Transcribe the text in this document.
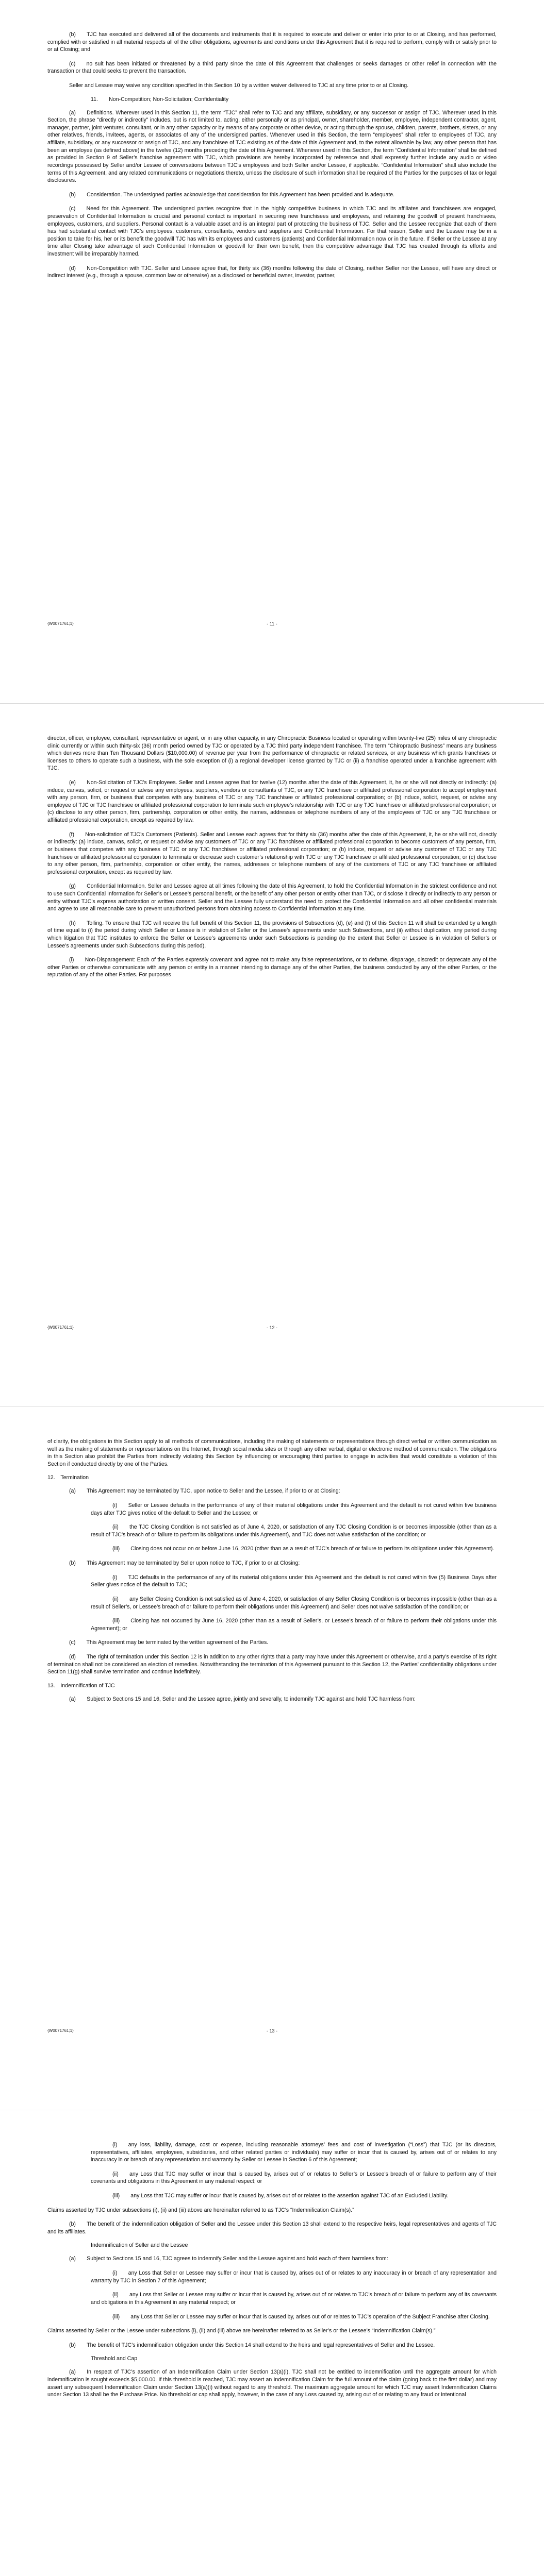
(b)  TJC has executed and delivered all of the documents and instruments that it is required to execute and deliver or enter into prior to or at Closing, and has performed, complied with or satisfied in all material respects all of the other obligations, agreements and conditions under this Agreement that it is required to perform, comply with or satisfy prior to or at Closing; and

(c)  no suit has been initiated or threatened by a third party since the date of this Agreement that challenges or seeks damages or other relief in connection with the transaction or that could seeks to prevent the transaction.

Seller and Lessee may waive any condition specified in this Section 10 by a written waiver delivered to TJC at any time prior to or at Closing.

11.  Non-Competition; Non-Solicitation; Confidentiality

(a)  Definitions. Wherever used in this Section 11, the term “TJC” shall refer to TJC and any affiliate, subsidiary, or any successor or assign of TJC. Wherever used in this Section, the phrase “directly or indirectly” includes, but is not limited to, acting, either personally or as principal, owner, shareholder, member, employee, independent contractor, agent, manager, partner, joint venturer, consultant, or in any other capacity or by means of any corporate or other device, or acting through the spouse, children, parents, brothers, sisters, or any other relatives, friends, invitees, agents, or associates of any of the undersigned parties. Whenever used in this Section, the term “employees” shall refer to employees of TJC, any affiliate, subsidiary, or any successor or assign of TJC, and any franchisee of TJC existing as of the date of this Agreement and, to the extent allowable by law, any other person that has been an employee (as defined above) in the twelve (12) months preceding the date of this Agreement. Whenever used in this Section, the term “Confidential Information” shall be defined as provided in Section 9 of Seller’s franchise agreement with TJC, which provisions are hereby incorporated by reference and shall expressly further include any audio or video recordings possessed by Seller and/or Lessee of conversations between TJC’s employees and both Seller and/or Lessee, if applicable. “Confidential Information” shall also include the terms of this Agreement, and any related communications or negotiations thereto, unless the disclosure of such information shall be required of the Parties for the purposes of tax or legal disclosures.

(b)  Consideration. The undersigned parties acknowledge that consideration for this Agreement has been provided and is adequate.

(c)  Need for this Agreement. The undersigned parties recognize that in the highly competitive business in which TJC and its affiliates and franchisees are engaged, preservation of Confidential Information is crucial and personal contact is important in securing new franchisees and employees, and retaining the goodwill of present franchisees, employees, customers, and suppliers. Personal contact is a valuable asset and is an integral part of protecting the business of TJC. Seller and the Lessee recognize that each of them has had substantial contact with TJC’s employees, customers, consultants, vendors and suppliers and Confidential Information. For that reason, Seller and the Lessee may be in a position to take for his, her or its benefit the goodwill TJC has with its employees and customers (patients) and Confidential Information now or in the future. If Seller or the Lessee at any time after Closing take advantage of such Confidential Information or goodwill for their own benefit, then the competitive advantage that TJC has created through its efforts and investment will be irreparably harmed.

(d)  Non-Competition with TJC. Seller and Lessee agree that, for thirty six (36) months following the date of Closing, neither Seller nor the Lessee, will have any direct or indirect interest (e.g., through a spouse, common law or otherwise) as a disclosed or beneficial owner, investor, partner,

{W0071761;1}	- 11 -

director, officer, employee, consultant, representative or agent, or in any other capacity, in any Chiropractic Business located or operating within twenty-five (25) miles of any chiropractic clinic currently or within such thirty-six (36) month period owned by TJC or operated by a TJC third party independent franchisee. The term “Chiropractic Business” means any business which derives more than Ten Thousand Dollars ($10,000.00) of revenue per year from the performance of chiropractic or related services, or any business which grants franchises or licenses to others to operate such a business, with the sole exception of (i) a regional developer license granted by TJC or (ii) a franchise operated under a franchise agreement with TJC.

(e)  Non-Solicitation of TJC’s Employees. Seller and Lessee agree that for twelve (12) months after the date of this Agreement, it, he or she will not directly or indirectly: (a) induce, canvas, solicit, or request or advise any employees, suppliers, vendors or consultants of TJC, or any TJC franchisee or affiliated professional corporation to accept employment with any person, firm, or business that competes with any business of TJC or any TJC franchisee or affiliated professional corporation; or (b) induce, solicit, request, or advise any employee of TJC or TJC franchisee or affiliated professional corporation to terminate such employee’s relationship with TJC or any TJC franchisee or affiliated professional corporation; or (c) disclose to any other person, firm, partnership, corporation or other entity, the names, addresses or telephone numbers of any of the employees of TJC or any TJC franchisee or affiliated professional corporation, except as required by law.

(f)  Non-solicitation of TJC’s Customers (Patients). Seller and Lessee each agrees that for thirty six (36) months after the date of this Agreement, it, he or she will not, directly or indirectly: (a) induce, canvas, solicit, or request or advise any customers of TJC or any TJC franchisee or affiliated professional corporation to become customers of any person, firm, or business that competes with any business of TJC or any TJC franchisee or affiliated professional corporation; or (b) induce, request or advise any customer of TJC or any TJC franchisee or affiliated professional corporation to terminate or decrease such customer’s relationship with TJC or any TJC franchisee or affiliated professional corporation; or (c) disclose to any other person, firm, partnership, corporation or other entity, the names, addresses or telephone numbers of any of the customers of TJC or any TJC franchisee or affiliated professional corporation, except as required by law.

(g)  Confidential Information. Seller and Lessee agree at all times following the date of this Agreement, to hold the Confidential Information in the strictest confidence and not to use such Confidential Information for Seller’s or Lessee’s personal benefit, or the benefit of any other person or entity other than TJC, or disclose it directly or indirectly to any person or entity without TJC’s express authorization or written consent. Seller and the Lessee fully understand the need to protect the Confidential Information and all other confidential materials and agree to use all reasonable care to prevent unauthorized persons from obtaining access to Confidential Information at any time.

(h)  Tolling. To ensure that TJC will receive the full benefit of this Section 11, the provisions of Subsections (d), (e) and (f) of this Section 11 will shall be extended by a length of time equal to (i) the period during which Seller or Lessee is in violation of Seller or the Lessee’s agreements under such Subsections, and (ii) without duplication, any period during which litigation that TJC institutes to enforce the Seller or Lessee’s agreements under such Subsections is pending (to the extent that Seller or Lessee is in violation of Seller’s or Lessee’s agreements under such Subsections during this period).

(i)  Non-Disparagement: Each of the Parties expressly covenant and agree not to make any false representations, or to defame, disparage, discredit or deprecate any of the other Parties or otherwise communicate with any person or entity in a manner intending to damage any of the other Parties, the business conducted by any of the other Parties, or the reputation of any of the other Parties. For purposes

{W0071761;1}	- 12 -

of clarity, the obligations in this Section apply to all methods of communications, including the making of statements or representations through direct verbal or written communication as well as the making of statements or representations on the Internet, through social media sites or through any other verbal, digital or electronic method of communication. The obligations in this Section also prohibit the Parties from indirectly violating this Section by influencing or encouraging third parties to engage in activities that would constitute a violation of this Section if conducted directly by one of the Parties.

12. Termination

(a)  This Agreement may be terminated by TJC, upon notice to Seller and the Lessee, if prior to or at Closing:

(i)  Seller or Lessee defaults in the performance of any of their material obligations under this Agreement and the default is not cured within five business days after TJC gives notice of the default to Seller and the Lessee; or

(ii)  the TJC Closing Condition is not satisfied as of June 4, 2020, or satisfaction of any TJC Closing Condition is or becomes impossible (other than as a result of TJC’s breach of or failure to perform its obligations under this Agreement), and TJC does not waive satisfaction of the condition; or

(iii)  Closing does not occur on or before June 16, 2020 (other than as a result of TJC’s breach of or failure to perform its obligations under this Agreement).

(b)  This Agreement may be terminated by Seller upon notice to TJC, if prior to or at Closing:

(i)  TJC defaults in the performance of any of its material obligations under this Agreement and the default is not cured within five (5) Business Days after Seller gives notice of the default to TJC;

(ii)  any Seller Closing Condition is not satisfied as of June 4, 2020, or satisfaction of any Seller Closing Condition is or becomes impossible (other than as a result of Seller’s, or Lessee’s breach of or failure to perform their obligations under this Agreement) and Seller does not waive satisfaction of the condition; or

(iii)  Closing has not occurred by June 16, 2020 (other than as a result of Seller’s, or Lessee’s breach of or failure to perform their obligations under this Agreement); or

(c)  This Agreement may be terminated by the written agreement of the Parties.

(d)  The right of termination under this Section 12 is in addition to any other rights that a party may have under this Agreement or otherwise, and a party’s exercise of its right of termination shall not be considered an election of remedies. Notwithstanding the termination of this Agreement pursuant to this Section 12, the Parties’ confidentiality obligations under Section 11(g) shall survive termination and continue indefinitely.

13. Indemnification of TJC

(a)  Subject to Sections 15 and 16, Seller and the Lessee agree, jointly and severally, to indemnify TJC against and hold TJC harmless from:

{W0071761;1}	- 13 -

(i)  any loss, liability, damage, cost or expense, including reasonable attorneys’ fees and cost of investigation (“Loss”) that TJC (or its directors, representatives, affiliates, employees, subsidiaries, and other related parties or individuals) may suffer or incur that is caused by, arises out of or relates to any inaccuracy in or breach of any representation and warranty by Seller or Lessee in Section 6 of this Agreement;

(ii)  any Loss that TJC may suffer or incur that is caused by, arises out of or relates to Seller’s or Lessee’s breach of or failure to perform any of their covenants and obligations in this Agreement in any material respect; or

(iii)  any Loss that TJC may suffer or incur that is caused by, arises out of or relates to the assertion against TJC of an Excluded Liability.

Claims asserted by TJC under subsections (i), (ii) and (iii) above are hereinafter referred to as TJC’s “Indemnification Claim(s).”

(b)  The benefit of the indemnification obligation of Seller and the Lessee under this Section 13 shall extend to the respective heirs, legal representatives and agents of TJC and its affiliates.

Indemnification of Seller and the Lessee

(a)  Subject to Sections 15 and 16, TJC agrees to indemnify Seller and the Lessee against and hold each of them harmless from:

(i)  any Loss that Seller or Lessee may suffer or incur that is caused by, arises out of or relates to any inaccuracy in or breach of any representation and warranty by TJC in Section 7 of this Agreement;

(ii)  any Loss that Seller or Lessee may suffer or incur that is caused by, arises out of or relates to TJC’s breach of or failure to perform any of its covenants and obligations in this Agreement in any material respect; or

(iii)  any Loss that Seller or Lessee may suffer or incur that is caused by, arises out of or relates to TJC’s operation of the Subject Franchise after Closing.

Claims asserted by Seller or the Lessee under subsections (i), (ii) and (iii) above are hereinafter referred to as Seller’s or the Lessee’s “Indemnification Claim(s).”

(b)  The benefit of TJC’s indemnification obligation under this Section 14 shall extend to the heirs and legal representatives of Seller and the Lessee.

Threshold and Cap

(a)  In respect of TJC’s assertion of an Indemnification Claim under Section 13(a)(i), TJC shall not be entitled to indemnification until the aggregate amount for which indemnification is sought exceeds $5,000.00. If this threshold is reached, TJC may assert an Indemnification Claim for the full amount of the claim (going back to the first dollar) and may assert any subsequent Indemnification Claim under Section 13(a)(i) without regard to any threshold. The maximum aggregate amount for which TJC may assert Indemnification Claims under Section 13 shall be the Purchase Price. No threshold or cap shall apply, however, in the case of any Loss caused by, arising out of or relating to any fraud or intentional
